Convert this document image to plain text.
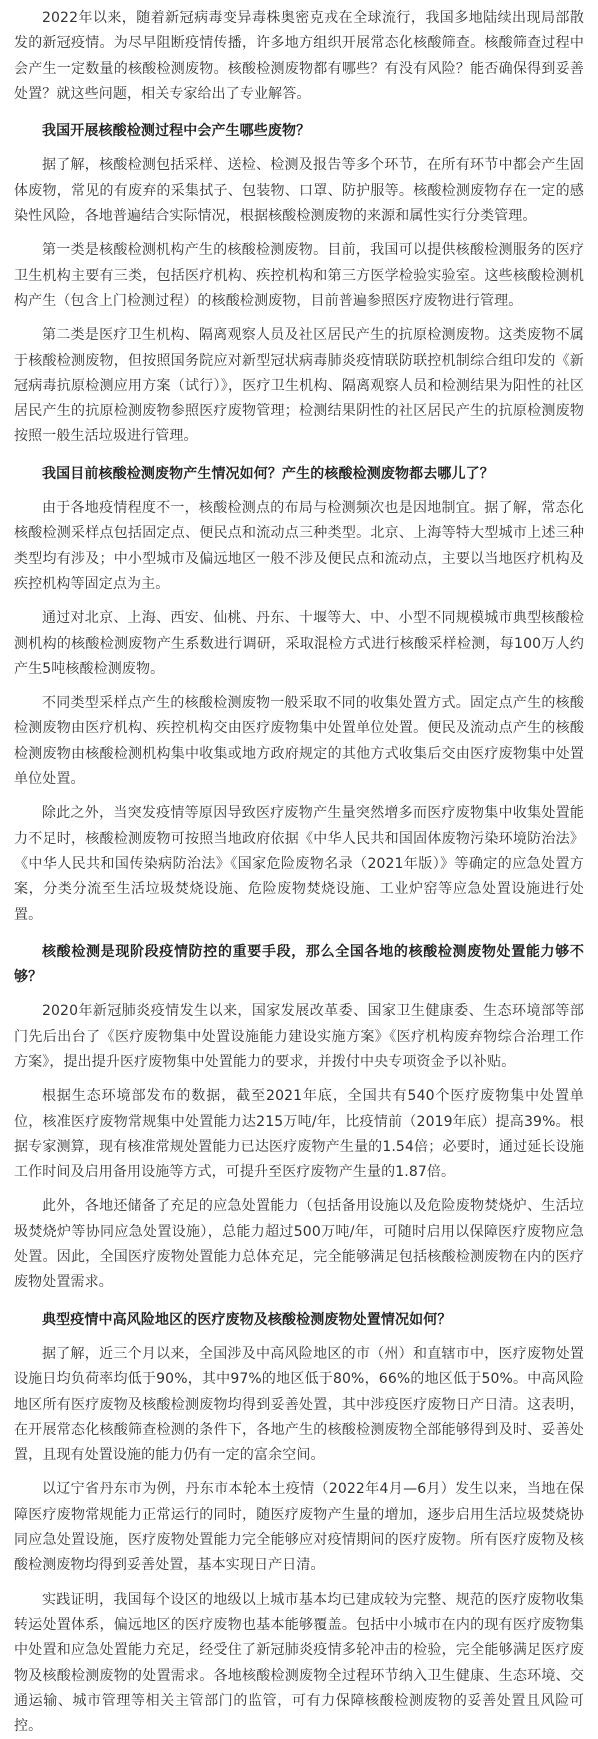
2022年以来，随着新冠病毒变异毒株奥密克戎在全球流行，我国多地陆续出现局部散发的新冠疫情。为尽早阻断疫情传播，许多地方组织开展常态化核酸筛查。核酸筛查过程中会产生一定数量的核酸检测废物。核酸检测废物都有哪些？有没有风险？能否确保得到妥善处置？就这些问题，相关专家给出了专业解答。

我国开展核酸检测过程中会产生哪些废物？

据了解，核酸检测包括采样、送检、检测及报告等多个环节，在所有环节中都会产生固体废物，常见的有废弃的采集拭子、包装物、口罩、防护服等。核酸检测废物存在一定的感染性风险，各地普遍结合实际情况，根据核酸检测废物的来源和属性实行分类管理。

第一类是核酸检测机构产生的核酸检测废物。目前，我国可以提供核酸检测服务的医疗卫生机构主要有三类，包括医疗机构、疾控机构和第三方医学检验实验室。这些核酸检测机构产生（包含上门检测过程）的核酸检测废物，目前普遍参照医疗废物进行管理。

第二类是医疗卫生机构、隔离观察人员及社区居民产生的抗原检测废物。这类废物不属于核酸检测废物，但按照国务院应对新型冠状病毒肺炎疫情联防联控机制综合组印发的《新冠病毒抗原检测应用方案（试行）》，医疗卫生机构、隔离观察人员和检测结果为阳性的社区居民产生的抗原检测废物参照医疗废物管理；检测结果阴性的社区居民产生的抗原检测废物按照一般生活垃圾进行管理。

我国目前核酸检测废物产生情况如何？产生的核酸检测废物都去哪儿了？

由于各地疫情程度不一，核酸检测点的布局与检测频次也是因地制宜。据了解，常态化核酸检测采样点包括固定点、便民点和流动点三种类型。北京、上海等特大型城市上述三种类型均有涉及；中小型城市及偏远地区一般不涉及便民点和流动点，主要以当地医疗机构及疾控机构等固定点为主。

通过对北京、上海、西安、仙桃、丹东、十堰等大、中、小型不同规模城市典型核酸检测机构的核酸检测废物产生系数进行调研，采取混检方式进行核酸采样检测，每100万人约产生5吨核酸检测废物。

不同类型采样点产生的核酸检测废物一般采取不同的收集处置方式。固定点产生的核酸检测废物由医疗机构、疾控机构交由医疗废物集中处置单位处置。便民及流动点产生的核酸检测废物由核酸检测机构集中收集或地方政府规定的其他方式收集后交由医疗废物集中处置单位处置。

除此之外，当突发疫情等原因导致医疗废物产生量突然增多而医疗废物集中收集处置能力不足时，核酸检测废物可按照当地政府依据《中华人民共和国固体废物污染环境防治法》《中华人民共和国传染病防治法》《国家危险废物名录（2021年版）》等确定的应急处置方案，分类分流至生活垃圾焚烧设施、危险废物焚烧设施、工业炉窑等应急处置设施进行处置。

核酸检测是现阶段疫情防控的重要手段，那么全国各地的核酸检测废物处置能力够不够？

2020年新冠肺炎疫情发生以来，国家发展改革委、国家卫生健康委、生态环境部等部门先后出台了《医疗废物集中处置设施能力建设实施方案》《医疗机构废弃物综合治理工作方案》，提出提升医疗废物集中处置能力的要求，并拨付中央专项资金予以补贴。

根据生态环境部发布的数据，截至2021年底，全国共有540个医疗废物集中处置单位，核准医疗废物常规集中处置能力达215万吨/年，比疫情前（2019年底）提高39%。根据专家测算，现有核准常规处置能力已达医疗废物产生量的1.54倍；必要时，通过延长设施工作时间及启用备用设施等方式，可提升至医疗废物产生量的1.87倍。

此外，各地还储备了充足的应急处置能力（包括备用设施以及危险废物焚烧炉、生活垃圾焚烧炉等协同应急处置设施），总能力超过500万吨/年，可随时启用以保障医疗废物应急处置。因此，全国医疗废物处置能力总体充足，完全能够满足包括核酸检测废物在内的医疗废物处置需求。

典型疫情中高风险地区的医疗废物及核酸检测废物处置情况如何？

据了解，近三个月以来，全国涉及中高风险地区的市（州）和直辖市中，医疗废物处置设施日均负荷率均低于90%，其中97%的地区低于80%，66%的地区低于50%。中高风险地区所有医疗废物及核酸检测废物均得到妥善处置，其中涉疫医疗废物日产日清。这表明，在开展常态化核酸筛查检测的条件下，各地产生的核酸检测废物全部能够得到及时、妥善处置，且现有处置设施的能力仍有一定的富余空间。

以辽宁省丹东市为例，丹东市本轮本土疫情（2022年4月—6月）发生以来，当地在保障医疗废物常规能力正常运行的同时，随医疗废物产生量的增加，逐步启用生活垃圾焚烧协同应急处置设施，医疗废物处置能力完全能够应对疫情期间的医疗废物。所有医疗废物及核酸检测废物均得到妥善处置，基本实现日产日清。

实践证明，我国每个设区的地级以上城市基本均已建成较为完整、规范的医疗废物收集转运处置体系，偏远地区的医疗废物也基本能够覆盖。包括中小城市在内的现有医疗废物集中处置和应急处置能力充足，经受住了新冠肺炎疫情多轮冲击的检验，完全能够满足医疗废物及核酸检测废物的处置需求。各地核酸检测废物全过程环节纳入卫生健康、生态环境、交通运输、城市管理等相关主管部门的监管，可有力保障核酸检测废物的妥善处置且风险可控。
